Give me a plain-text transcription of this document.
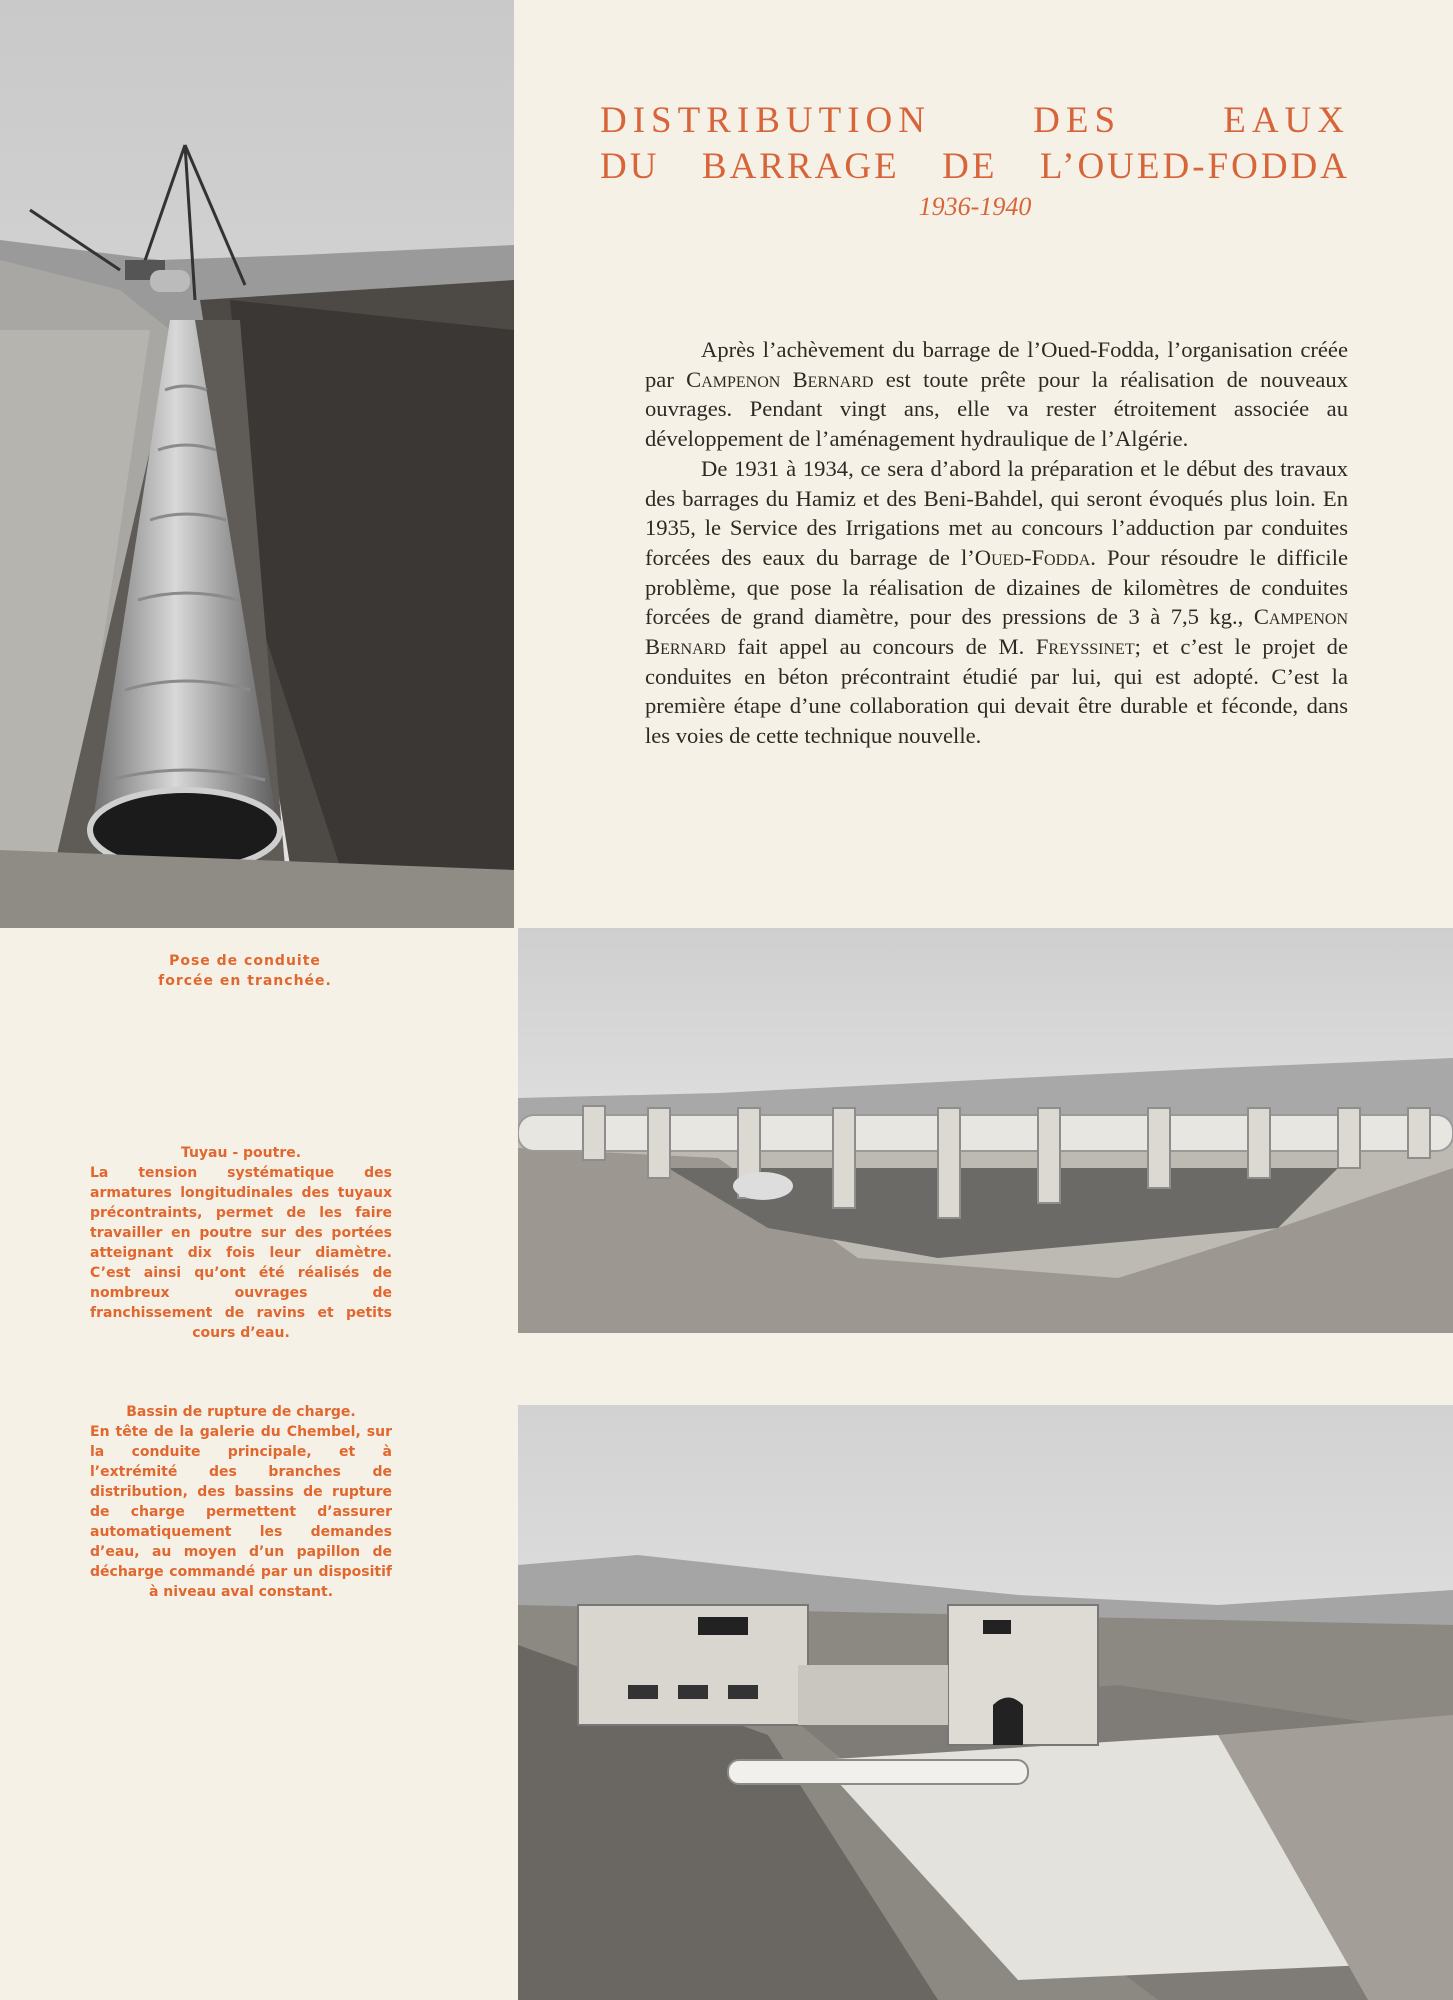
DISTRIBUTION DES EAUX
DU BARRAGE DE L’OUED-FODDA
1936-1940

Après l’achèvement du barrage de l’Oued-Fodda, l’organisation créée par Campenon Bernard est toute prête pour la réalisation de nouveaux ouvrages. Pendant vingt ans, elle va rester étroitement associée au développement de l’aménagement hydraulique de l’Algérie.

De 1931 à 1934, ce sera d’abord la préparation et le début des travaux des barrages du Hamiz et des Beni-Bahdel, qui seront évoqués plus loin. En 1935, le Service des Irrigations met au concours l’adduction par conduites forcées des eaux du barrage de l’Oued-Fodda. Pour résoudre le difficile problème, que pose la réalisation de dizaines de kilomètres de conduites forcées de grand diamètre, pour des pressions de 3 à 7,5 kg., Campenon Bernard fait appel au concours de M. Freyssinet; et c’est le projet de conduites en béton précontraint étudié par lui, qui est adopté. C’est la première étape d’une collaboration qui devait être durable et féconde, dans les voies de cette technique nouvelle.

Pose de conduite forcée en tranchée.
Tuyau - poutre.
La tension systématique des armatures longitudinales des tuyaux précontraints, permet de les faire travailler en poutre sur des portées atteignant dix fois leur diamètre. C’est ainsi qu’ont été réalisés de nombreux ouvrages de franchissement de ravins et petits cours d’eau.
Bassin de rupture de charge.
En tête de la galerie du Chembel, sur la conduite principale, et à l’extrémité des branches de distribution, des bassins de rupture de charge permettent d’assurer automatiquement les demandes d’eau, au moyen d’un papillon de décharge commandé par un dispositif à niveau aval constant.
